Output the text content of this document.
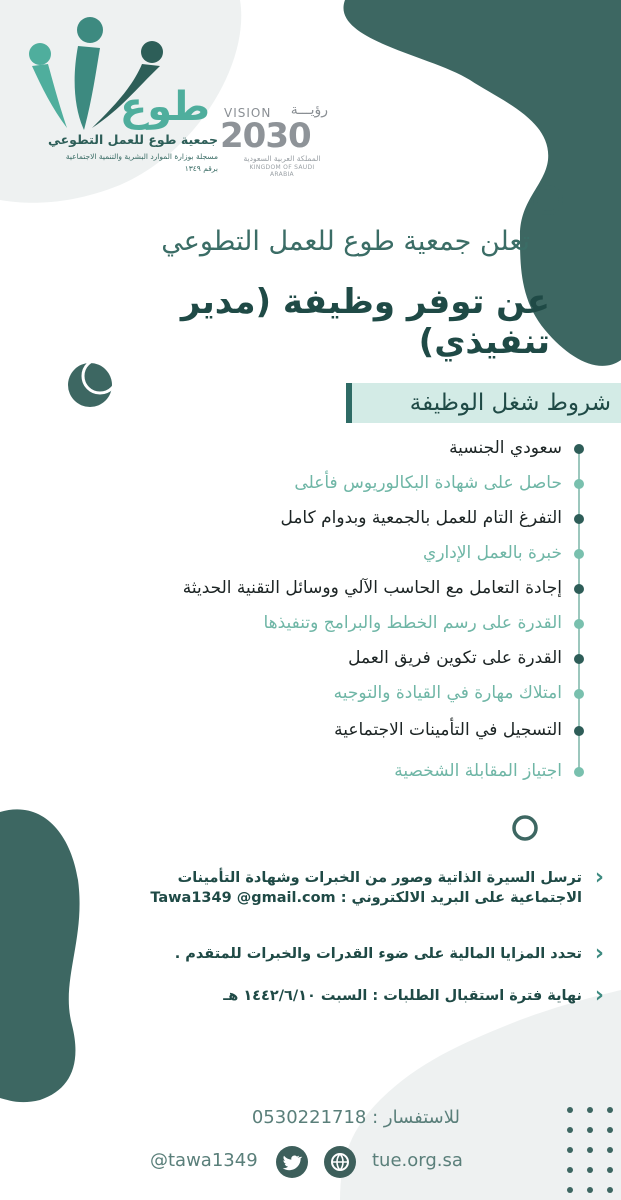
طوع
جمعية طوع للعمل التطوعي
مسجلة بوزارة الموارد البشرية والتنمية الاجتماعية
برقم ١٣٤٩
VISION رؤيـــة
2030
المملكة العربية السعودية
KINGDOM OF SAUDI ARABIA
تعلن جمعية طوع للعمل التطوعي
عن توفر وظيفة (مدير تنفيذي)
شروط شغل الوظيفة
سعودي الجنسية
حاصل على شهادة البكالوريوس فأعلى
التفرغ التام للعمل بالجمعية وبدوام كامل
خبرة بالعمل الإداري
إجادة التعامل مع الحاسب الآلي ووسائل التقنية الحديثة
القدرة على رسم الخطط والبرامج وتنفيذها
القدرة على تكوين فريق العمل
امتلاك مهارة في القيادة والتوجيه
التسجيل في التأمينات الاجتماعية
اجتياز المقابلة الشخصية
‹
ترسل السيرة الذاتية وصور من الخبرات وشهادة التأمينات
الاجتماعية على البريد الالكتروني : Tawa1349 @gmail.com
‹
تحدد المزايا المالية على ضوء القدرات والخبرات للمتقدم .
‹
نهاية فترة استقبال الطلبات : السبت ١٤٤٢/٦/١٠ هـ
للاستفسار : 0530221718
@tawa1349	tue.org.sa
